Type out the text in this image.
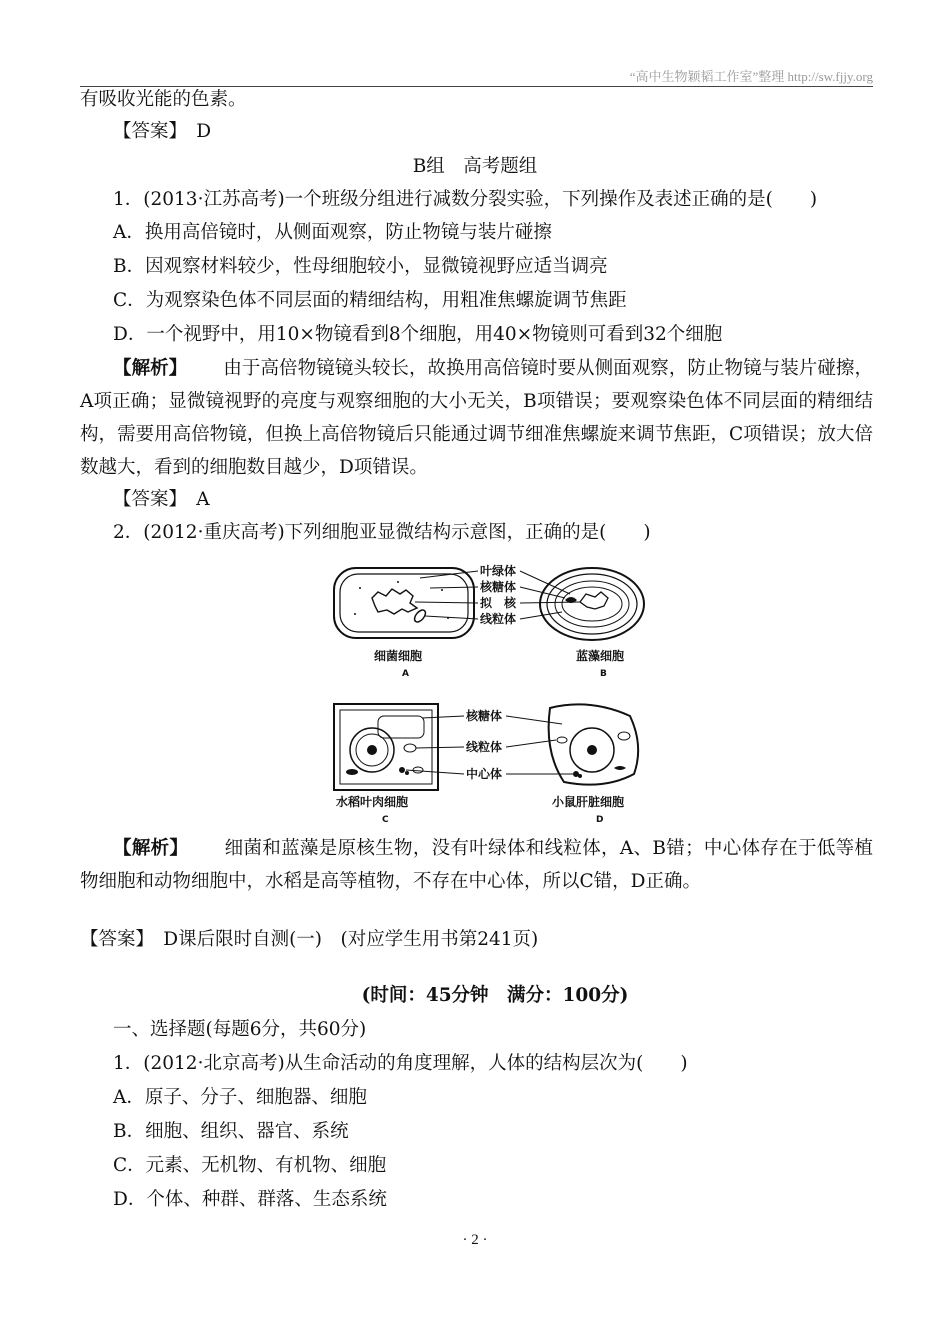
“高中生物颖韬工作室”整理 http://sw.fjjy.org
有吸收光能的色素。
【答案】　D
B组　高考题组
1．(2013·江苏高考)一个班级分组进行减数分裂实验，下列操作及表述正确的是(　　)
A．换用高倍镜时，从侧面观察，防止物镜与装片碰擦
B．因观察材料较少，性母细胞较小，显微镜视野应适当调亮
C．为观察染色体不同层面的精细结构，用粗准焦螺旋调节焦距
D．一个视野中，用10×物镜看到8个细胞，用40×物镜则可看到32个细胞
【解析】 由于高倍物镜镜头较长，故换用高倍镜时要从侧面观察，防止物镜与装片碰擦，A项正确；显微镜视野的亮度与观察细胞的大小无关，B项错误；要观察染色体不同层面的精细结构，需要用高倍物镜，但换上高倍物镜后只能通过调节细准焦螺旋来调节焦距，C项错误；放大倍数越大，看到的细胞数目越少，D项错误。
【答案】　A
2．(2012·重庆高考)下列细胞亚显微结构示意图，正确的是(　　)
叶绿体
核糖体
拟　核
线粒体
细菌细胞
A
蓝藻细胞
B
核糖体
线粒体
中心体
水稻叶肉细胞
C
小鼠肝脏细胞
D
【解析】 细菌和蓝藻是原核生物，没有叶绿体和线粒体，A、B错；中心体存在于低等植物细胞和动物细胞中，水稻是高等植物，不存在中心体，所以C错，D正确。
【答案】　D课后限时自测(一)　(对应学生用书第241页)
(时间：45分钟　满分：100分)
一、选择题(每题6分，共60分)
1．(2012·北京高考)从生命活动的角度理解，人体的结构层次为(　　)
A．原子、分子、细胞器、细胞
B．细胞、组织、器官、系统
C．元素、无机物、有机物、细胞
D．个体、种群、群落、生态系统
· 2 ·
